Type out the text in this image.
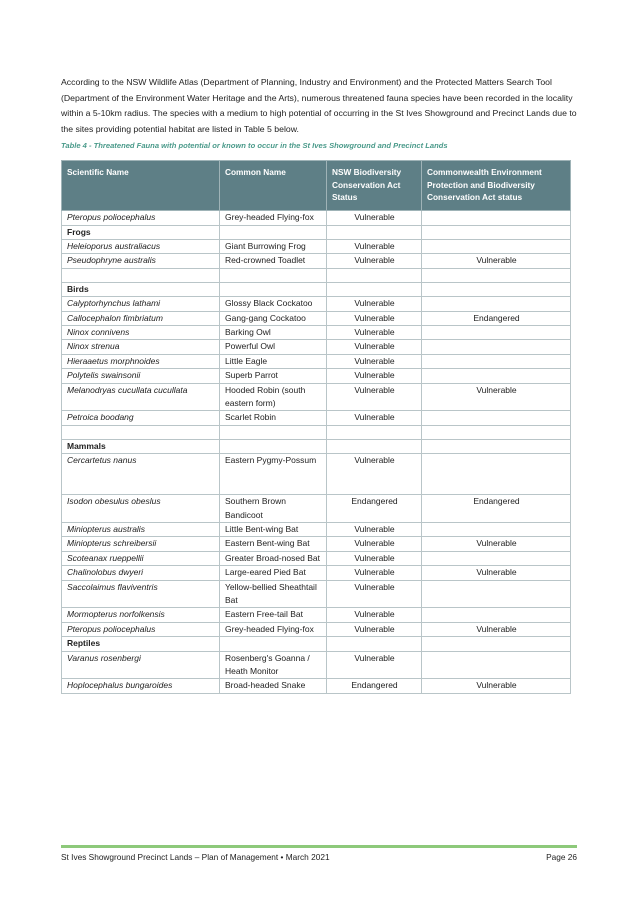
According to the NSW Wildlife Atlas (Department of Planning, Industry and Environment) and the Protected Matters Search Tool (Department of the Environment Water Heritage and the Arts), numerous threatened fauna species have been recorded in the locality within a 5-10km radius. The species with a medium to high potential of occurring in the St Ives Showground and Precinct Lands due to the sites providing potential habitat are listed in Table 5 below.

Table 4 - Threatened Fauna with potential or known to occur in the St Ives Showground and Precinct Lands
Scientific Name	Common Name	NSW Biodiversity Conservation Act Status	Commonwealth Environment Protection and Biodiversity Conservation Act status
Pteropus poliocephalus	Grey-headed Flying-fox	Vulnerable	
Frogs			
Heleioporus australiacus	Giant Burrowing Frog	Vulnerable	
Pseudophryne australis	Red-crowned Toadlet	Vulnerable	Vulnerable

Birds			
Calyptorhynchus lathami	Glossy Black Cockatoo	Vulnerable	
Callocephalon fimbriatum	Gang-gang Cockatoo	Vulnerable	Endangered
Ninox connivens	Barking Owl	Vulnerable	
Ninox strenua	Powerful Owl	Vulnerable	
Hieraaetus morphnoides	Little Eagle	Vulnerable	
Polytelis swainsonii	Superb Parrot	Vulnerable	
Melanodryas cucullata cucullata	Hooded Robin (south eastern form)	Vulnerable	Vulnerable
Petroica boodang	Scarlet Robin	Vulnerable	

Mammals			
Cercartetus nanus	Eastern Pygmy-Possum	Vulnerable	
Isodon obesulus obeslus	Southern Brown Bandicoot	Endangered	Endangered
Miniopterus australis	Little Bent-wing Bat	Vulnerable	
Miniopterus schreibersii	Eastern Bent-wing Bat	Vulnerable	Vulnerable
Scoteanax rueppellii	Greater Broad-nosed Bat	Vulnerable	
Chalinolobus dwyeri	Large-eared Pied Bat	Vulnerable	Vulnerable
Saccolaimus flaviventris	Yellow-bellied Sheathtail Bat	Vulnerable	
Mormopterus norfolkensis	Eastern Free-tail Bat	Vulnerable	
Pteropus poliocephalus	Grey-headed Flying-fox	Vulnerable	Vulnerable
Reptiles			
Varanus rosenbergi	Rosenberg's Goanna / Heath Monitor	Vulnerable	
Hoplocephalus bungaroides	Broad-headed Snake	Endangered	Vulnerable
St Ives Showground Precinct Lands – Plan of Management • March 2021	Page 26
